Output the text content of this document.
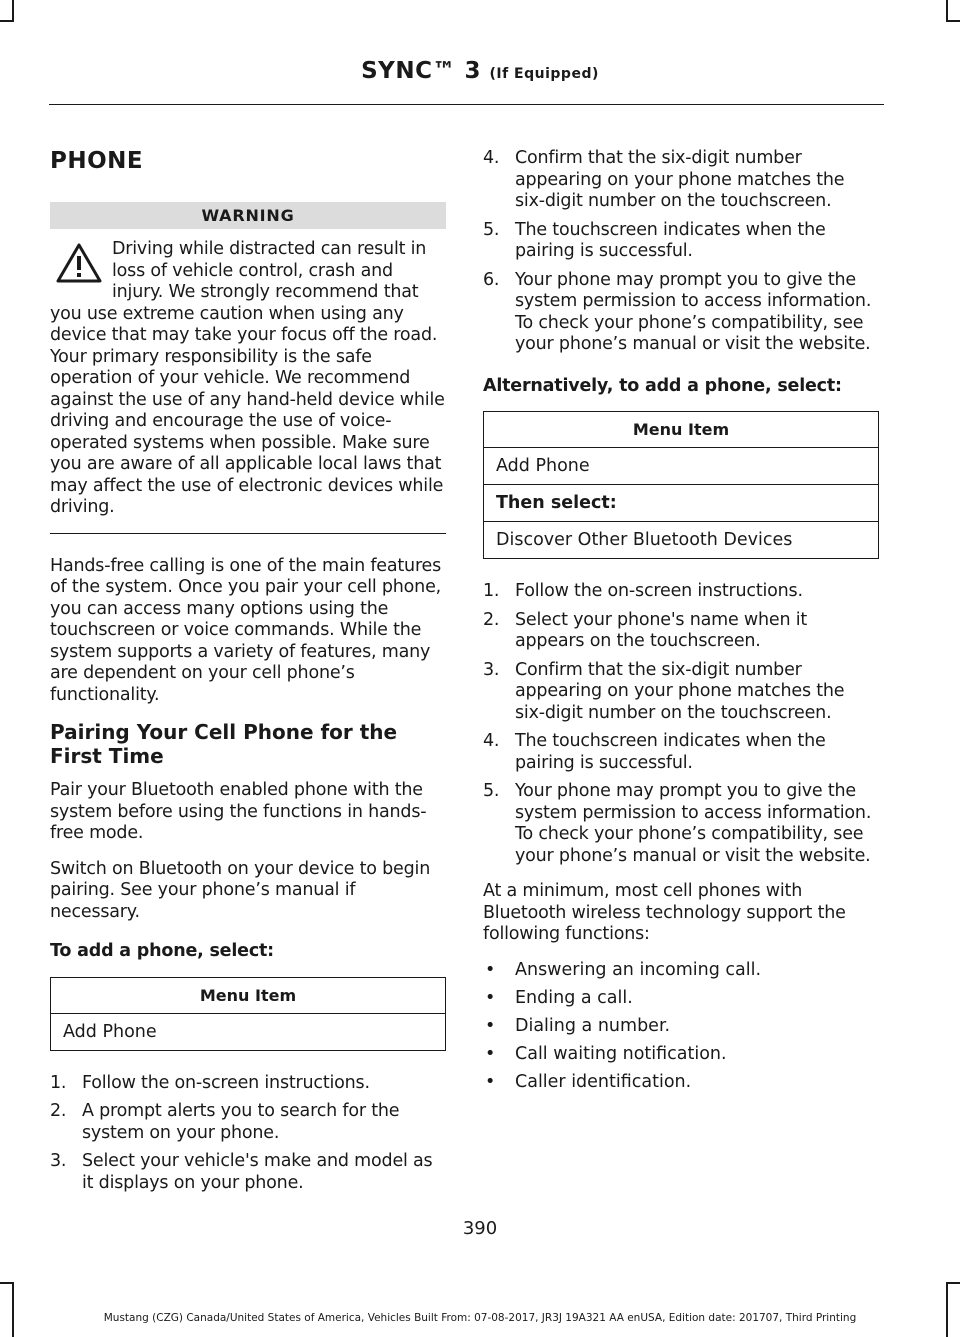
SYNC™ 3 (If Equipped)
PHONE
WARNING
Driving while distracted can result in loss of vehicle control, crash and injury. We strongly recommend that you use extreme caution when using any device that may take your focus off the road. Your primary responsibility is the safe operation of your vehicle. We recommend against the use of any hand-held device while driving and encourage the use of voice-operated systems when possible. Make sure you are aware of all applicable local laws that may affect the use of electronic devices while driving.

Hands-free calling is one of the main features of the system. Once you pair your cell phone, you can access many options using the touchscreen or voice commands. While the system supports a variety of features, many are dependent on your cell phone’s functionality.

Pairing Your Cell Phone for the First Time

Pair your Bluetooth enabled phone with the system before using the functions in hands-free mode.

Switch on Bluetooth on your device to begin pairing. See your phone’s manual if necessary.

To add a phone, select:

Menu Item
Add Phone
1. Follow the on-screen instructions.
2. A prompt alerts you to search for the system on your phone.
3. Select your vehicle's make and model as it displays on your phone.
4. Confirm that the six-digit number appearing on your phone matches the six-digit number on the touchscreen.
5. The touchscreen indicates when the pairing is successful.
6. Your phone may prompt you to give the system permission to access information. To check your phone’s compatibility, see your phone’s manual or visit the website.

Alternatively, to add a phone, select:

Menu Item
Add Phone
Then select:
Discover Other Bluetooth Devices
1. Follow the on-screen instructions.
2. Select your phone's name when it appears on the touchscreen.
3. Confirm that the six-digit number appearing on your phone matches the six-digit number on the touchscreen.
4. The touchscreen indicates when the pairing is successful.
5. Your phone may prompt you to give the system permission to access information. To check your phone’s compatibility, see your phone’s manual or visit the website.

At a minimum, most cell phones with Bluetooth wireless technology support the following functions:

• Answering an incoming call.
• Ending a call.
• Dialing a number.
• Call waiting notification.
• Caller identification.
390
Mustang (CZG) Canada/United States of America, Vehicles Built From: 07-08-2017, JR3J 19A321 AA enUSA, Edition date: 201707, Third Printing
